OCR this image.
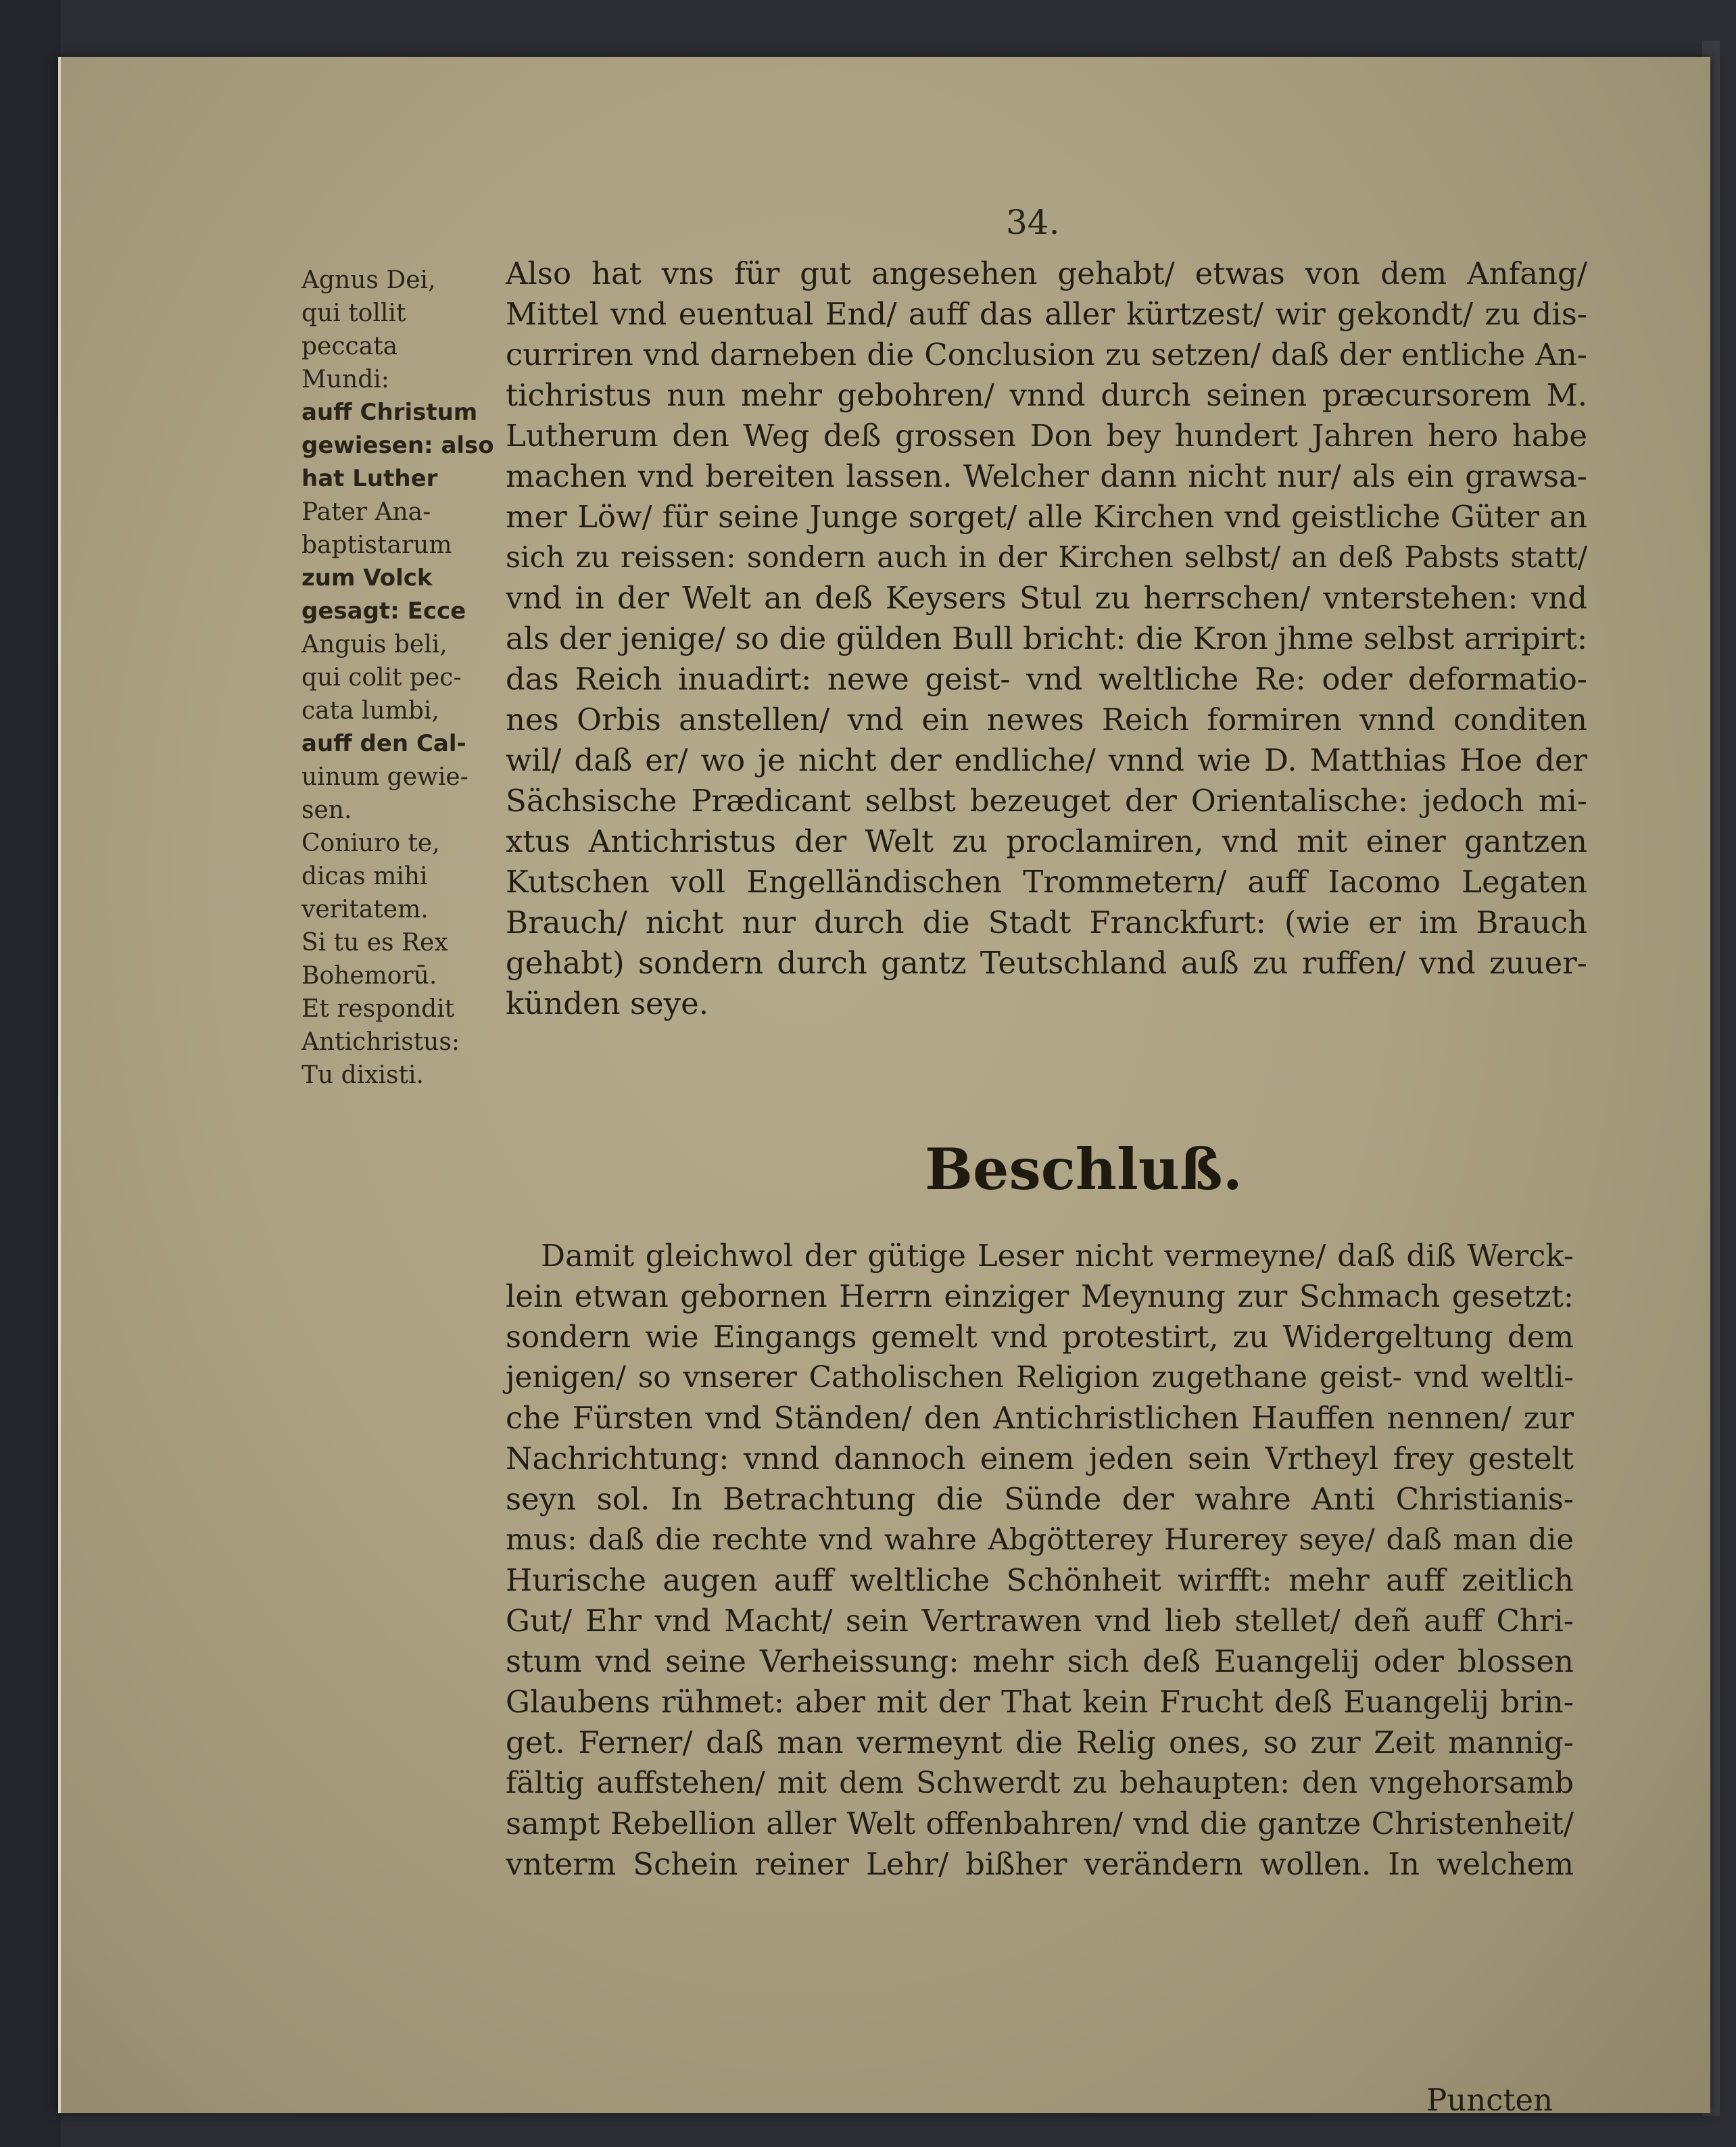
34.
Agnus Dei,
qui tollit
peccata
Mundi:
auff Christum
gewiesen: also
hat Luther
Pater Ana-
baptistarum
zum Volck
gesagt: Ecce
Anguis beli,
qui colit pec-
cata lumbi,
auff den Cal-
uinum gewie-
sen.
Coniuro te,
dicas mihi
veritatem.
Si tu es Rex
Bohemorū.
Et respondit
Antichristus:
Tu dixisti.
Also hat vns für gut angesehen gehabt/ etwas von dem Anfang/
Mittel vnd euentual End/ auff das aller kürtzest/ wir gekondt/ zu dis-
curriren vnd darneben die Conclusion zu setzen/ daß der entliche An-
tichristus nun mehr gebohren/ vnnd durch seinen præcursorem M.
Lutherum den Weg deß grossen Don bey hundert Jahren hero habe
machen vnd bereiten lassen. Welcher dann nicht nur/ als ein grawsa-
mer Löw/ für seine Junge sorget/ alle Kirchen vnd geistliche Güter an
sich zu reissen: sondern auch in der Kirchen selbst/ an deß Pabsts statt/
vnd in der Welt an deß Keysers Stul zu herrschen/ vnterstehen: vnd
als der jenige/ so die gülden Bull bricht: die Kron jhme selbst arripirt:
das Reich inuadirt: newe geist- vnd weltliche Re: oder deformatio-
nes Orbis anstellen/ vnd ein newes Reich formiren vnnd conditen
wil/ daß er/ wo je nicht der endliche/ vnnd wie D. Matthias Hoe der
Sächsische Prædicant selbst bezeuget der Orientalische: jedoch mi-
xtus Antichristus der Welt zu proclamiren, vnd mit einer gantzen
Kutschen voll Engelländischen Trommetern/ auff Iacomo Legaten
Brauch/ nicht nur durch die Stadt Franckfurt: (wie er im Brauch
gehabt) sondern durch gantz Teutschland auß zu ruffen/ vnd zuuer-
künden seye.
Beschluß.
Damit gleichwol der gütige Leser nicht vermeyne/ daß diß Werck-
lein etwan gebornen Herrn einziger Meynung zur Schmach gesetzt:
sondern wie Eingangs gemelt vnd protestirt, zu Widergeltung dem
jenigen/ so vnserer Catholischen Religion zugethane geist- vnd weltli-
che Fürsten vnd Ständen/ den Antichristlichen Hauffen nennen/ zur
Nachrichtung: vnnd dannoch einem jeden sein Vrtheyl frey gestelt
seyn sol. In Betrachtung die Sünde der wahre Anti Christianis-
mus: daß die rechte vnd wahre Abgötterey Hurerey seye/ daß man die
Hurische augen auff weltliche Schönheit wirfft: mehr auff zeitlich
Gut/ Ehr vnd Macht/ sein Vertrawen vnd lieb stellet/ deñ auff Chri-
stum vnd seine Verheissung: mehr sich deß Euangelij oder blossen
Glaubens rühmet: aber mit der That kein Frucht deß Euangelij brin-
get. Ferner/ daß man vermeynt die Relig ones, so zur Zeit mannig-
fältig auffstehen/ mit dem Schwerdt zu behaupten: den vngehorsamb
sampt Rebellion aller Welt offenbahren/ vnd die gantze Christenheit/
vnterm Schein reiner Lehr/ bißher verändern wollen. In welchem
Puncten
